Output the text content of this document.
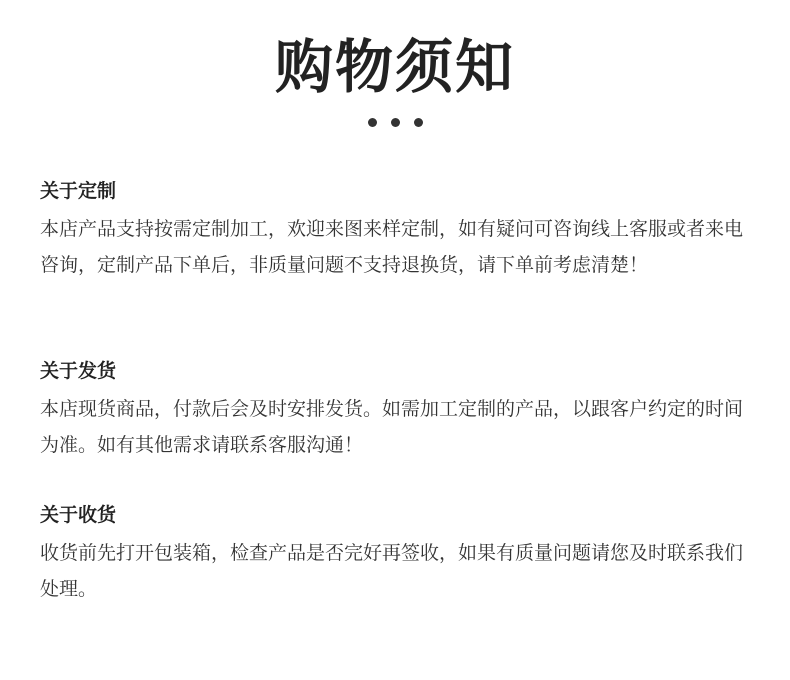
购物须知
关于定制
本店产品支持按需定制加工，欢迎来图来样定制，如有疑问可咨询线上客服或者来电咨询，定制产品下单后，非质量问题不支持退换货，请下单前考虑清楚！
关于发货
本店现货商品，付款后会及时安排发货。如需加工定制的产品，以跟客户约定的时间为准。如有其他需求请联系客服沟通！
关于收货
收货前先打开包装箱，检查产品是否完好再签收，如果有质量问题请您及时联系我们处理。
